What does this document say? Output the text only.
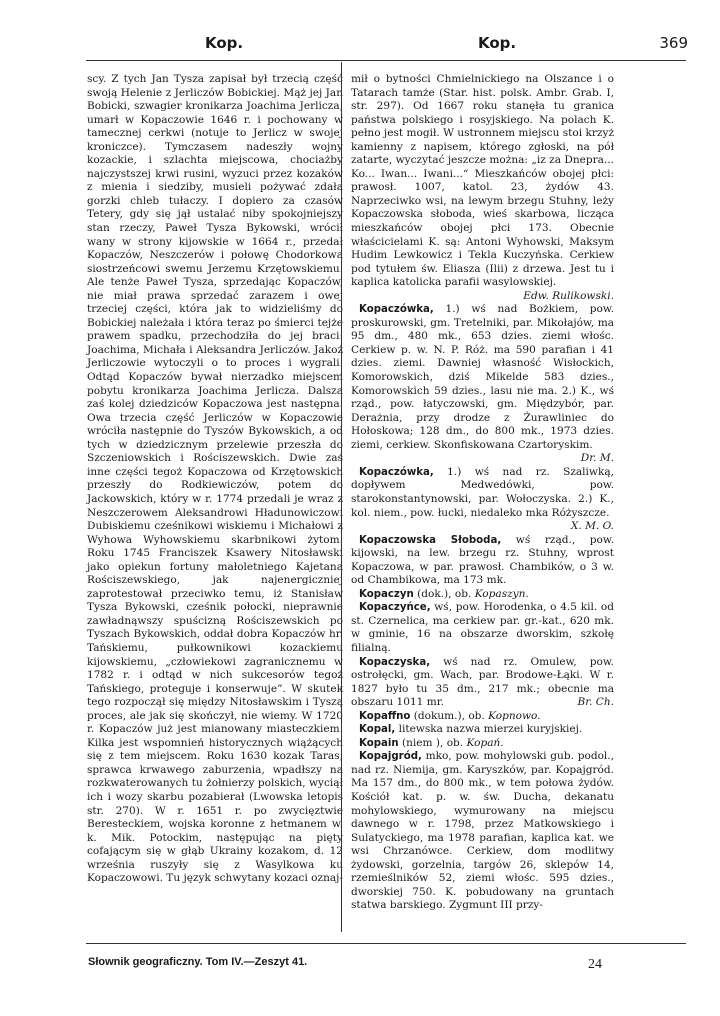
Kop.	Kop.	369

scy. Z tych Jan Tysza zapisał był trzecią część swoją Helenie z Jerliczów Bobickiej. Mąż jej Jan Bobicki, szwagier kronikarza Joachima Jerlicza, umarł w Kopaczowie 1646 r. i pochowany w tamecznej cerkwi (notuje to Jerlicz w swojej kroniczce). Tymczasem nadeszły wojny kozackie, i szlachta miejscowa, chociażby najczystszej krwi rusini, wyzuci przez kozaków z mienia i siedziby, musieli pożywać zdała gorzki chleb tułaczy. I dopiero za czasów Tetery, gdy się jął ustalać niby spokojniejszy stan rzeczy, Paweł Tysza Bykowski, wrócił wany w strony kijowskie w 1664 r., przedał Kopaczów, Neszczerów i połowę Chodorkowa siostrzeńcowi swemu Jerzemu Krzętowskiemu. Ale tenże Paweł Tysza, sprzedając Kopaczów, nie miał prawa sprzedać zarazem i owej trzeciej części, która jak to widzieliśmy do Bobickiej należała i która teraz po śmierci tejże prawem spadku, przechodziła do jej braci: Joachima, Michała i Aleksandra Jerliczów. Jakoż Jerliczowie wytoczyli o to proces i wygrali. Odtąd Kopaczów bywał nierzadko miejscem pobytu kronikarza Joachima Jerlicza. Dalsza zaś kolej dziedziców Kopaczowa jest następna. Owa trzecia część Jerliczów w Kopaczowie wróciła następnie do Tyszów Bykowskich, a od tych w dziedzicznym przelewie przeszła do Szczeniowskich i Rościszewskich. Dwie zaś inne części tegoż Kopaczowa od Krzętowskich przeszły do Rodkiewiczów, potem do Jackowskich, który w r. 1774 przedali je wraz z Neszczerowem Aleksandrowi Hładunowiczowi Dubiskiemu cześnikowi wiskiemu i Michałowi z Wyhowa Wyhowskiemu skarbnikowi żytom. Roku 1745 Franciszek Ksawery Nitosławski jako opiekun fortuny małoletniego Kajetana Rościszewskiego, jak najenergiczniej zaprotestował przeciwko temu, iż Stanisław Tysza Bykowski, cześnik połocki, nieprawnie zawładnąwszy spuścizną Rościszewskich po Tyszach Bykowskich, oddał dobra Kopaczów hr. Tańskiemu, pułkownikowi kozackiemu kijowskiemu, „człowiekowi zagranicznemu w 1782 r. i odtąd w nich sukcesorów tegoż Tańskiego, proteguje i konserwuje”. W skutek tego rozpoczął się między Nitosławskim i Tyszą proces, ale jak się skończył, nie wiemy. W 1720 r. Kopaczów już jest mianowany miasteczkiem. Kilka jest wspomnień historycznych wiążących się z tem miejscem. Roku 1630 kozak Taras, sprawca krwawego zaburzenia, wpadłszy na rozkwaterowanych tu żołnierzy polskich, wyciął ich i wozy skarbu pozabierał (Lwowska letopis str. 270). W r. 1651 r. po zwycięztwie Beresteckiem, wojska koronne z hetmanem w. k. Mik. Potockim, następując na pięty cofającym się w głąb Ukrainy kozakom, d. 12 września ruszyły się z Wasylkowa ku Kopaczowowi. Tu język schwytany kozaci oznaj-

mił o bytności Chmielnickiego na Olszance i o Tatarach tamże (Star. hist. polsk. Ambr. Grab. I, str. 297). Od 1667 roku stanęła tu granica państwa polskiego i rosyjskiego. Na polach K. pełno jest mogił. W ustronnem miejscu stoi krzyż kamienny z napisem, którego zgłoski, na pół zatarte, wyczytać jeszcze można: „iz za Dnepra... Ko... Iwan... Iwani...“ Mieszkańców obojej płci: prawosł. 1007, katol. 23, żydów 43. Naprzeciwko wsi, na lewym brzegu Stuhny, leży Kopaczowska słoboda, wieś skarbowa, licząca mieszkańców obojej płci 173. Obecnie właścicielami K. są: Antoni Wyhowski, Maksym Hudim Lewkowicz i Tekla Kuczyńska. Cerkiew pod tytułem św. Eliasza (Ilii) z drzewa. Jest tu i kaplica katolicka parafii wasylowskiej.
Edw. Rulikowski.

Kopaczówka, 1.) wś nad Bożkiem, pow. proskurowski, gm. Tretelniki, par. Mikołajów, ma 95 dm., 480 mk., 653 dzies. ziemi włośc. Cerkiew p. w. N. P. Róż. ma 590 parafian i 41 dzies. ziemi. Dawniej własność Wisłockich, Komorowskich, dziś Mikelde 583 dzies., Komorowskich 59 dzies., lasu nie ma. 2.) K., wś rząd., pow. łatyczowski, gm. Międzybór, par. Derażnia, przy drodze z Żurawliniec do Hołoskowa; 128 dm., do 800 mk., 1973 dzies. ziemi, cerkiew. Skonfiskowana Czartoryskim.
Dr. M.

Kopaczówka, 1.) wś nad rz. Szaliwką, dopływem Medwedówki, pow. starokonstantynowski, par. Wołoczyska. 2.) K., kol. niem., pow. łucki, niedaleko mka Różyszcze.
X. M. O.

Kopaczowska Słoboda, wś rząd., pow. kijowski, na lew. brzegu rz. Stuhny, wprost Kopaczowa, w par. prawosł. Chambików, o 3 w. od Chambikowa, ma 173 mk.

Kopaczyn (dok.), ob. Kopaszyn.

Kopaczyńce, wś, pow. Horodenka, o 4.5 kil. od st. Czernelica, ma cerkiew par. gr.-kat., 620 mk. w gminie, 16 na obszarze dworskim, szkołę filialną.

Kopaczyska, wś nad rz. Omulew, pow. ostrołęcki, gm. Wach, par. Brodowe-Łąki. W r. 1827 było tu 35 dm., 217 mk.; obecnie ma obszaru 1011 mr.	Br. Ch.

Kopaffno (dokum.), ob. Kopnowo.

Kopal, litewska nazwa mierzei kuryjskiej.

Kopain (niem ), ob. Kopań.

Kopajgród, mko, pow. mohylowski gub. podol., nad rz. Niemija, gm. Karyszków, par. Kopajgród. Ma 157 dm., do 800 mk., w tem połowa żydów. Kościół kat. p. w. św. Ducha, dekanatu mohylowskiego, wymurowany na miejscu dawnego w r. 1798, przez Matkowskiego i Sulatyckiego, ma 1978 parafian, kaplica kat. we wsi Chrzanówce. Cerkiew, dom modlitwy żydowski, gorzelnia, targów 26, sklepów 14, rzemieślników 52, ziemi włośc. 595 dzies., dworskiej 750. K. pobudowany na gruntach statwa barskiego. Zygmunt III przy-

Słownik geograficzny. Tom IV.—Zeszyt 41.	24
